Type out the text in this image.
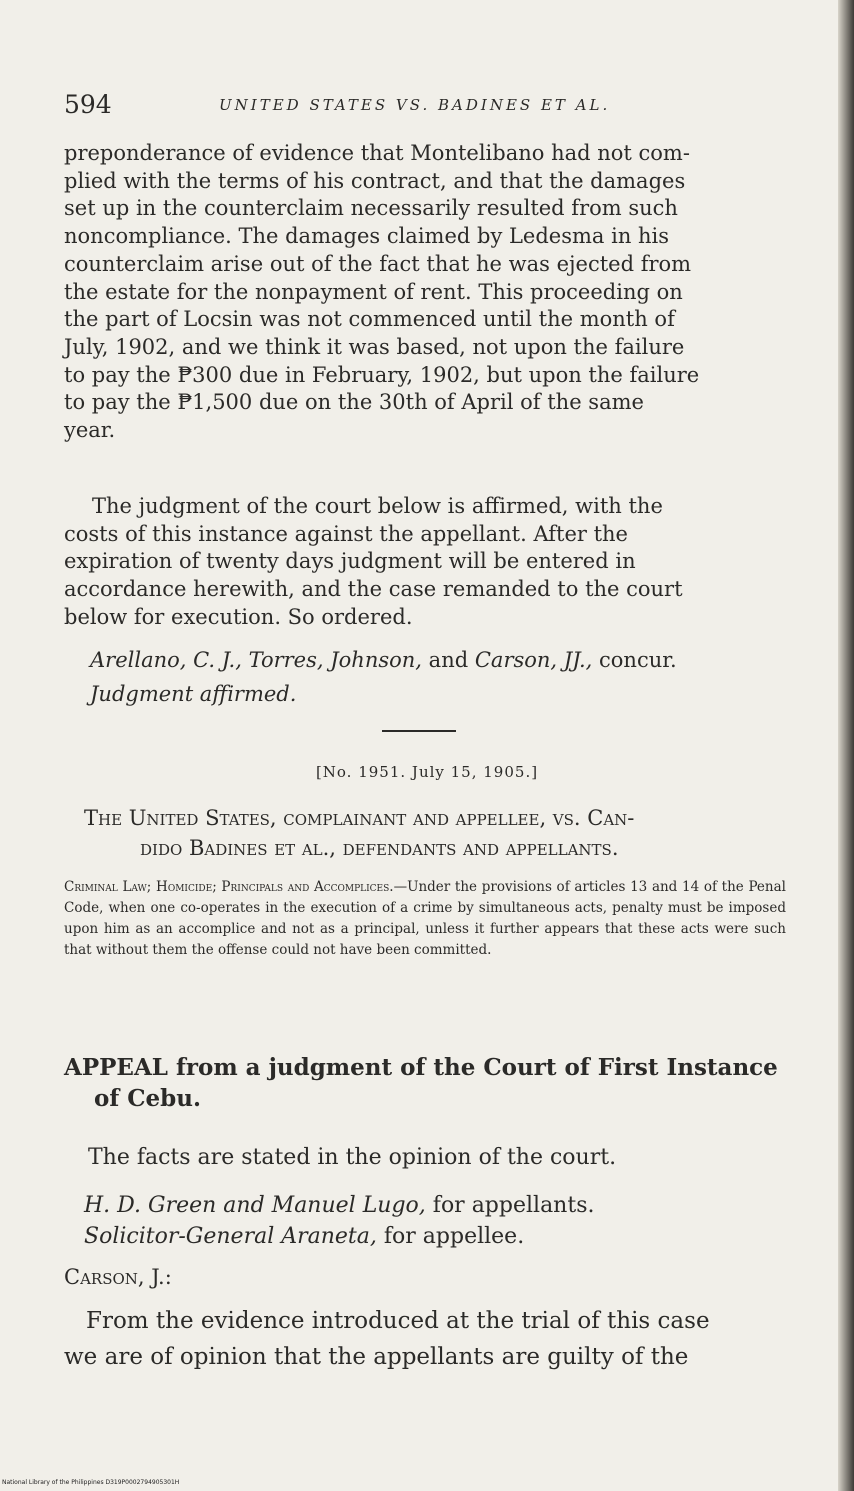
594	UNITED STATES VS. BADINES ET AL.
preponderance of evidence that Montelibano had not com-
plied with the terms of his contract, and that the damages
set up in the counterclaim necessarily resulted from such
noncompliance. The damages claimed by Ledesma in his
counterclaim arise out of the fact that he was ejected from
the estate for the nonpayment of rent. This proceeding on
the part of Locsin was not commenced until the month of
July, 1902, and we think it was based, not upon the failure
to pay the ₱300 due in February, 1902, but upon the failure
to pay the ₱1,500 due on the 30th of April of the same
year.
The judgment of the court below is affirmed, with the
costs of this instance against the appellant. After the
expiration of twenty days judgment will be entered in
accordance herewith, and the case remanded to the court
below for execution. So ordered.
Arellano, C. J., Torres, Johnson, and Carson, JJ., concur.
Judgment affirmed.
[No. 1951. July 15, 1905.]
The United States, complainant and appellee, vs. Can-
dido Badines et al., defendants and appellants.
Criminal Law; Homicide; Principals and Accomplices.—Under the provisions of articles 13 and 14 of the Penal Code, when one co-operates in the execution of a crime by simultaneous acts, penalty must be imposed upon him as an accomplice and not as a principal, unless it further appears that these acts were such that without them the offense could not have been committed.
APPEAL from a judgment of the Court of First Instance
of Cebu.
The facts are stated in the opinion of the court.
H. D. Green and Manuel Lugo, for appellants.
Solicitor-General Araneta, for appellee.
Carson, J.:
From the evidence introduced at the trial of this case
we are of opinion that the appellants are guilty of the
National Library of the Philippines D319P0002794905301H
